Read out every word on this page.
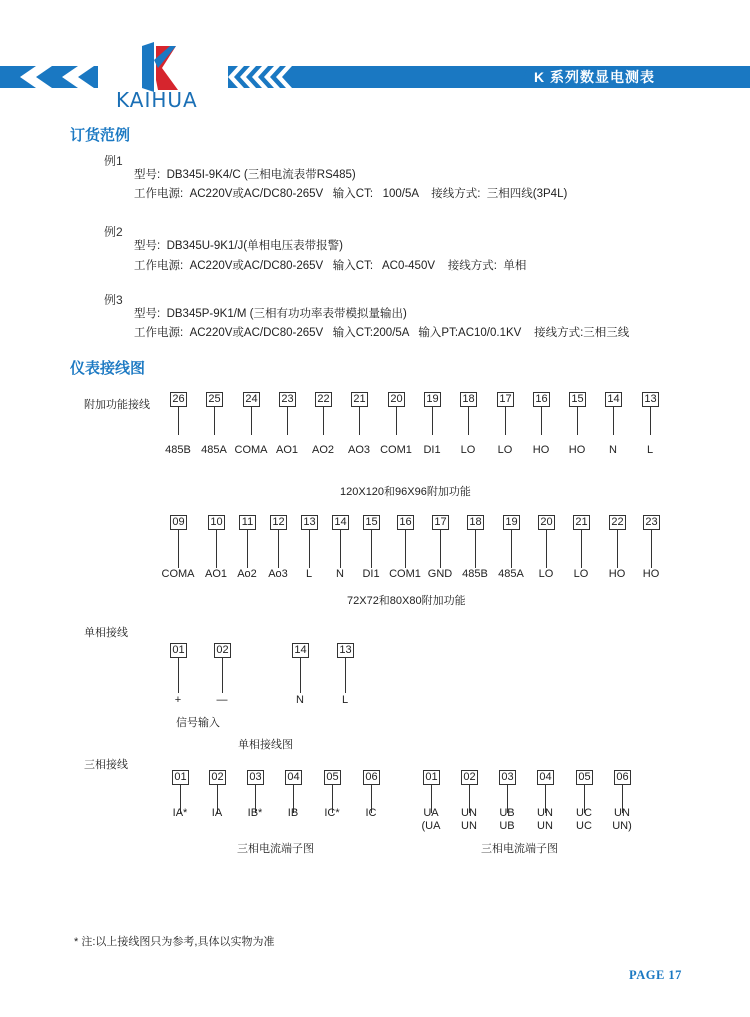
K 系列数显电测表
KAIHUA
订货范例
例1
型号:  DB345I-9K4/C (三相电流表带RS485)
工作电源:  AC220V或AC/DC80-265V   输入CT:   100/5A    接线方式:  三相四线(3P4L)
例2
型号:  DB345U-9K1/J(单相电压表带报警)
工作电源:  AC220V或AC/DC80-265V   输入CT:   AC0-450V    接线方式:  单相
例3
型号:  DB345P-9K1/M (三相有功功率表带模拟量输出)
工作电源:  AC220V或AC/DC80-265V   输入CT:200/5A   输入PT:AC10/0.1KV    接线方式:三相三线
仪表接线图
附加功能接线 26
485B
25
485A
24
COMA
23
AO1
22
AO2
21
AO3
20
COM1
19
DI1
18
LO
17
LO
16
HO
15
HO
14
N
13
L
120X120和96X96附加功能
09
COMA
10
AO1
11
Ao2
12
Ao3
13
L
14
N
15
DI1
16
COM1
17
GND
18
485B
19
485A
20
LO
21
LO
22
HO
23
HO
72X72和80X80附加功能
单相接线
01
+
02
—
14
N
13
L
信号输入
单相接线图
三相接线
01
IA*
02
IA
03
IB*
04
IB
05
IC*
06
IC
01
UA
(UA
02
UN
UN
03
UB
UB
04
UN
UN
05
UC
UC
06
UN
UN)
三相电流端子图	三相电流端子图
* 注:以上接线图只为参考,具体以实物为准
PAGE 17
